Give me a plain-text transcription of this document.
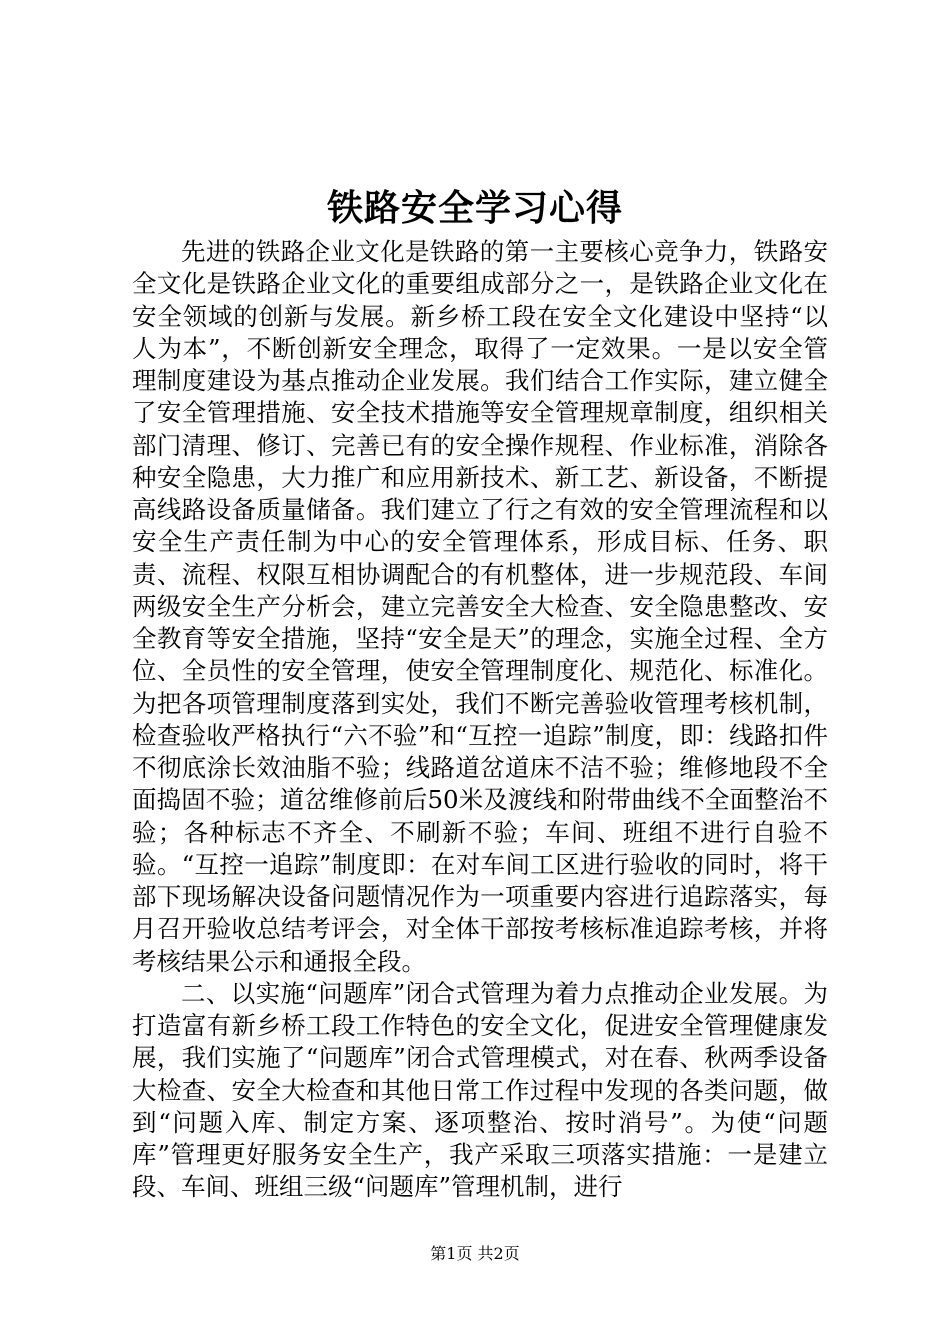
铁路安全学习心得

先进的铁路企业文化是铁路的第一主要核心竞争力，铁路安全文化是铁路企业文化的重要组成部分之一，是铁路企业文化在安全领域的创新与发展。新乡桥工段在安全文化建设中坚持“以人为本”，不断创新安全理念，取得了一定效果。一是以安全管理制度建设为基点推动企业发展。我们结合工作实际，建立健全了安全管理措施、安全技术措施等安全管理规章制度，组织相关部门清理、修订、完善已有的安全操作规程、作业标准，消除各种安全隐患，大力推广和应用新技术、新工艺、新设备，不断提高线路设备质量储备。我们建立了行之有效的安全管理流程和以安全生产责任制为中心的安全管理体系，形成目标、任务、职责、流程、权限互相协调配合的有机整体，进一步规范段、车间两级安全生产分析会，建立完善安全大检查、安全隐患整改、安全教育等安全措施，坚持“安全是天”的理念，实施全过程、全方位、全员性的安全管理，使安全管理制度化、规范化、标准化。为把各项管理制度落到实处，我们不断完善验收管理考核机制，检查验收严格执行“六不验”和“互控一追踪”制度，即：线路扣件不彻底涂长效油脂不验；线路道岔道床不洁不验；维修地段不全面捣固不验；道岔维修前后50米及渡线和附带曲线不全面整治不验；各种标志不齐全、不刷新不验；车间、班组不进行自验不验。“互控一追踪”制度即：在对车间工区进行验收的同时，将干部下现场解决设备问题情况作为一项重要内容进行追踪落实，每月召开验收总结考评会，对全体干部按考核标准追踪考核，并将考核结果公示和通报全段。

二、以实施“问题库”闭合式管理为着力点推动企业发展。为打造富有新乡桥工段工作特色的安全文化，促进安全管理健康发展，我们实施了“问题库”闭合式管理模式，对在春、秋两季设备大检查、安全大检查和其他日常工作过程中发现的各类问题，做到“问题入库、制定方案、逐项整治、按时消号”。为使“问题库”管理更好服务安全生产，我产采取三项落实措施：一是建立段、车间、班组三级“问题库”管理机制，进行

第1页 共2页
